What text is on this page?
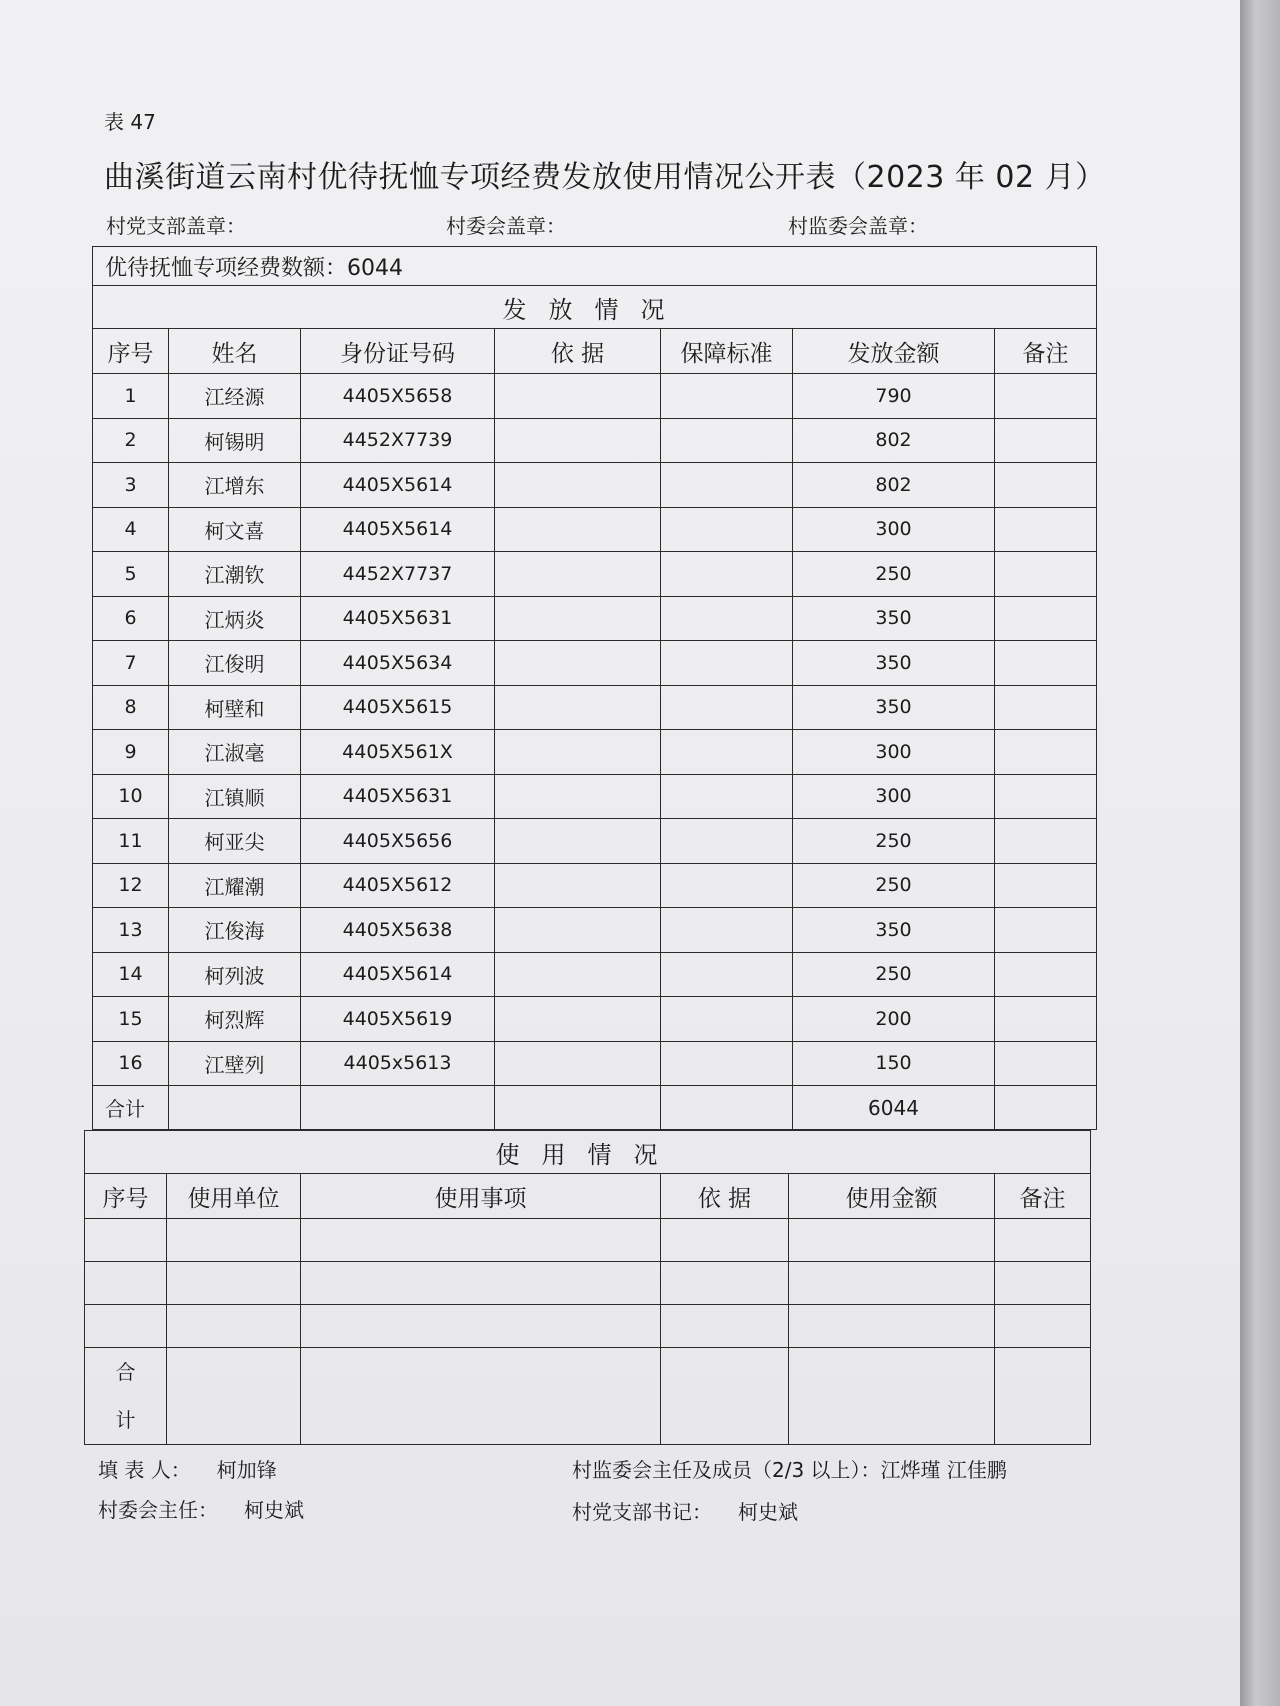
表 47
曲溪街道云南村优待抚恤专项经费发放使用情况公开表（2023 年 02 月）
村党支部盖章：	村委会盖章：	村监委会盖章：
优待抚恤专项经费数额：6044						
发放情况						
序号	姓名	身份证号码	依 据	保障标准	发放金额	备注
1	江经源	4405X5658			790	
2	柯锡明	4452X7739			802	
3	江增东	4405X5614			802	
4	柯文喜	4405X5614			300	
5	江潮钦	4452X7737			250	
6	江炳炎	4405X5631			350	
7	江俊明	4405X5634			350	
8	柯壁和	4405X5615			350	
9	江淑毫	4405X561X			300	
10	江镇顺	4405X5631			300	
11	柯亚尖	4405X5656			250	
12	江耀潮	4405X5612			250	
13	江俊海	4405X5638			350	
14	柯列波	4405X5614			250	
15	柯烈辉	4405X5619			200	
16	江壁列	4405x5613			150	
合计					6044	
使用情况					
序号	使用单位	使用事项	依 据	使用金额	备注

合
计					
填 表 人： 柯加锋
村委会主任： 柯史斌
村监委会主任及成员（2/3 以上）：江烨瑾 江佳鹏
村党支部书记： 柯史斌
